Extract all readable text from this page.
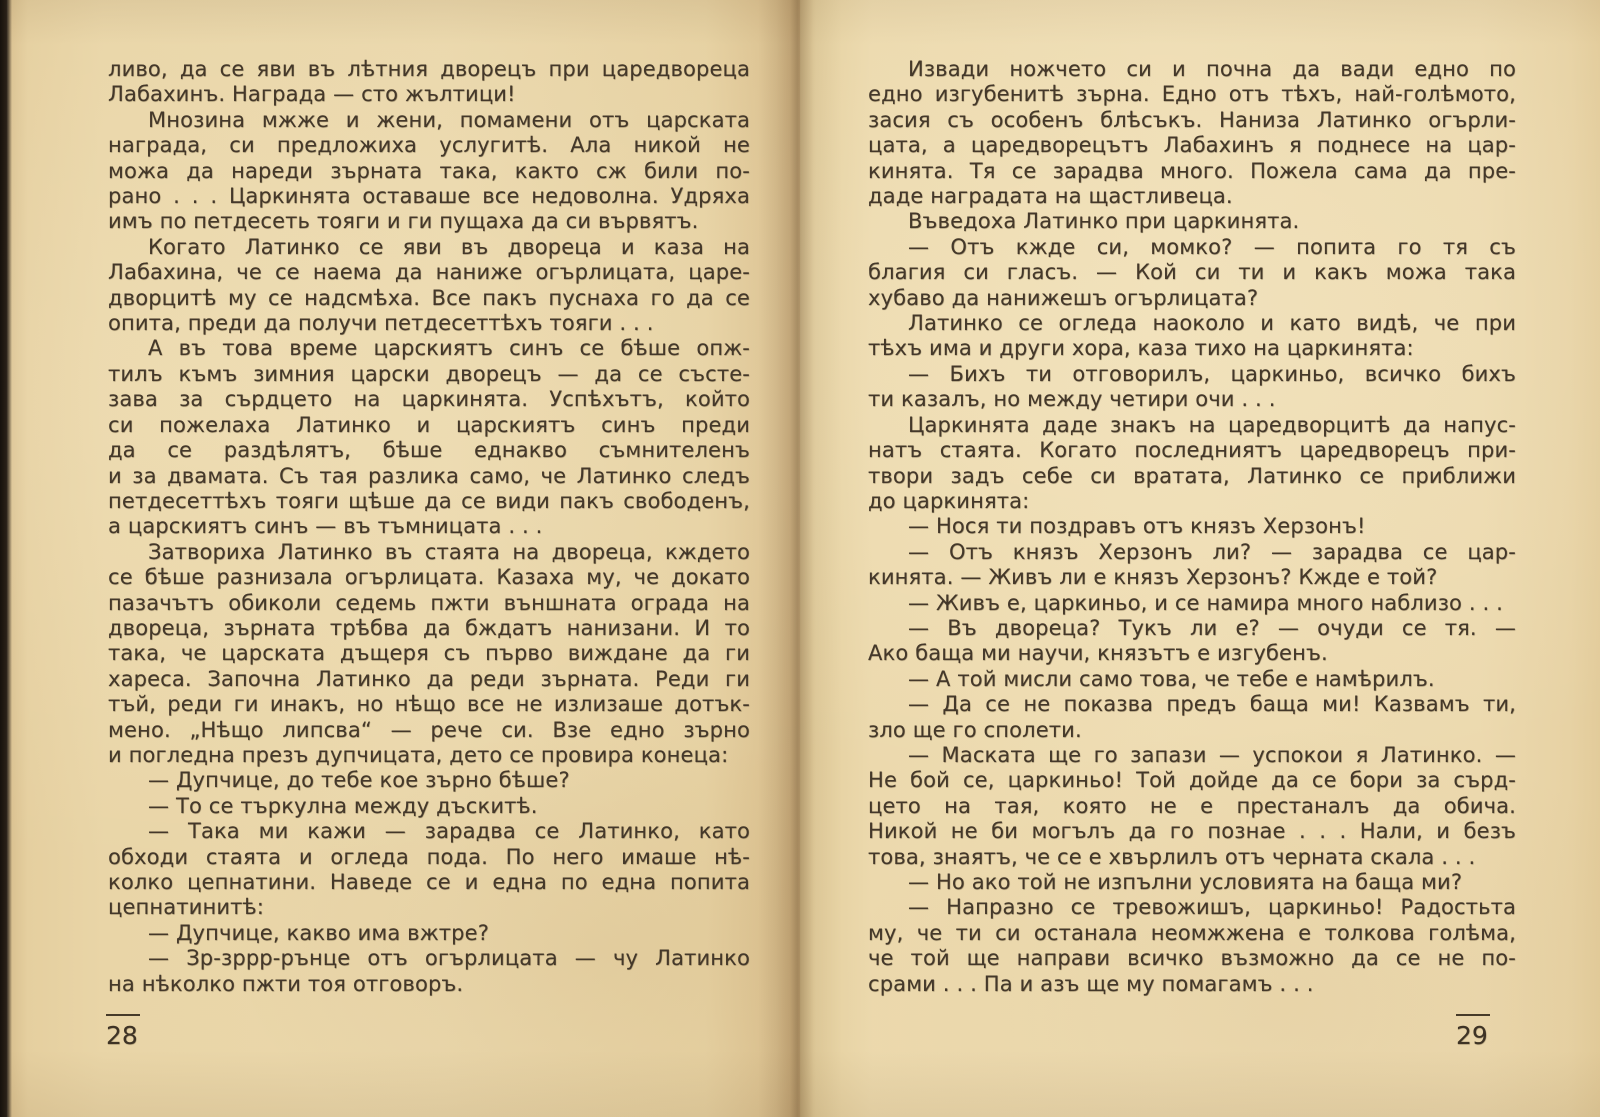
ливо, да се яви въ лѣтния дворецъ при царедвореца
Лабахинъ. Награда — сто жълтици!
Мнозина мжже и жени, помамени отъ царската
награда, си предложиха услугитѣ. Ала никой не
можа да нареди зърната така, както сж били по-
рано . . . Царкинята оставаше все недоволна. Удряха
имъ по петдесеть тояги и ги пущаха да си вървятъ.
Когато Латинко се яви въ двореца и каза на
Лабахина, че се наема да наниже огърлицата, царе-
дворцитѣ му се надсмѣха. Все пакъ пуснаха го да се
опита, преди да получи петдесеттѣхъ тояги . . .
А въ това време царскиятъ синъ се бѣше опж-
тилъ къмъ зимния царски дворецъ — да се състе-
зава за сърдцето на царкинята. Успѣхътъ, който
си пожелаха Латинко и царскиятъ синъ преди
да се раздѣлятъ, бѣше еднакво съмнителенъ
и за двамата. Съ тая разлика само, че Латинко следъ
петдесеттѣхъ тояги щѣше да се види пакъ свободенъ,
а царскиятъ синъ — въ тъмницата . . .
Затвориха Латинко въ стаята на двореца, кждето
се бѣше разнизала огърлицата. Казаха му, че докато
пазачътъ обиколи седемь пжти външната ограда на
двореца, зърната трѣбва да бждатъ нанизани. И то
така, че царската дъщеря съ първо виждане да ги
хареса. Започна Латинко да реди зърната. Реди ги
тъй, реди ги инакъ, но нѣщо все не излизаше дотък-
мено. „Нѣщо липсва“ — рече си. Взе едно зърно
и погледна презъ дупчицата, дето се провира конеца:
— Дупчице, до тебе кое зърно бѣше?
— То се търкулна между дъскитѣ.
— Така ми кажи — зарадва се Латинко, като
обходи стаята и огледа пода. По него имаше нѣ-
колко цепнатини. Наведе се и една по една попита
цепнатинитѣ:
— Дупчице, какво има вжтре?
— Зр-зррр-рънце отъ огърлицата — чу Латинко
на нѣколко пжти тоя отговоръ.
28
Извади ножчето си и почна да вади едно по
едно изгубенитѣ зърна. Едно отъ тѣхъ, най-голѣмото,
засия съ особенъ блѣсъкъ. Наниза Латинко огърли-
цата, а царедворецътъ Лабахинъ я поднесе на цар-
кинята. Тя се зарадва много. Пожела сама да пре-
даде наградата на щастливеца.
Въведоха Латинко при царкинята.
— Отъ кжде си, момко? — попита го тя съ
благия си гласъ. — Кой си ти и какъ можа така
хубаво да нанижешъ огърлицата?
Латинко се огледа наоколо и като видѣ, че при
тѣхъ има и други хора, каза тихо на царкинята:
— Бихъ ти отговорилъ, царкиньо, всичко бихъ
ти казалъ, но между четири очи . . .
Царкинята даде знакъ на царедворцитѣ да напус-
натъ стаята. Когато последниятъ царедворецъ при-
твори задъ себе си вратата, Латинко се приближи
до царкинята:
— Нося ти поздравъ отъ князъ Херзонъ!
— Отъ князъ Херзонъ ли? — зарадва се цар-
кинята. — Живъ ли е князъ Херзонъ? Кжде е той?
— Живъ е, царкиньо, и се намира много наблизо . . .
— Въ двореца? Тукъ ли е? — очуди се тя. —
Ако баща ми научи, князътъ е изгубенъ.
— А той мисли само това, че тебе е намѣрилъ.
— Да се не показва предъ баща ми! Казвамъ ти,
зло ще го сполети.
— Маската ще го запази — успокои я Латинко. —
Не бой се, царкиньо! Той дойде да се бори за сърд-
цето на тая, която не е престаналъ да обича.
Никой не би могълъ да го познае . . . Нали, и безъ
това, знаятъ, че се е хвърлилъ отъ черната скала . . .
— Но ако той не изпълни условията на баща ми?
— Напразно се тревожишъ, царкиньо! Радостьта
му, че ти си останала неомжжена е толкова голѣма,
че той ще направи всичко възможно да се не по-
срами . . . Па и азъ ще му помагамъ . . .
29
